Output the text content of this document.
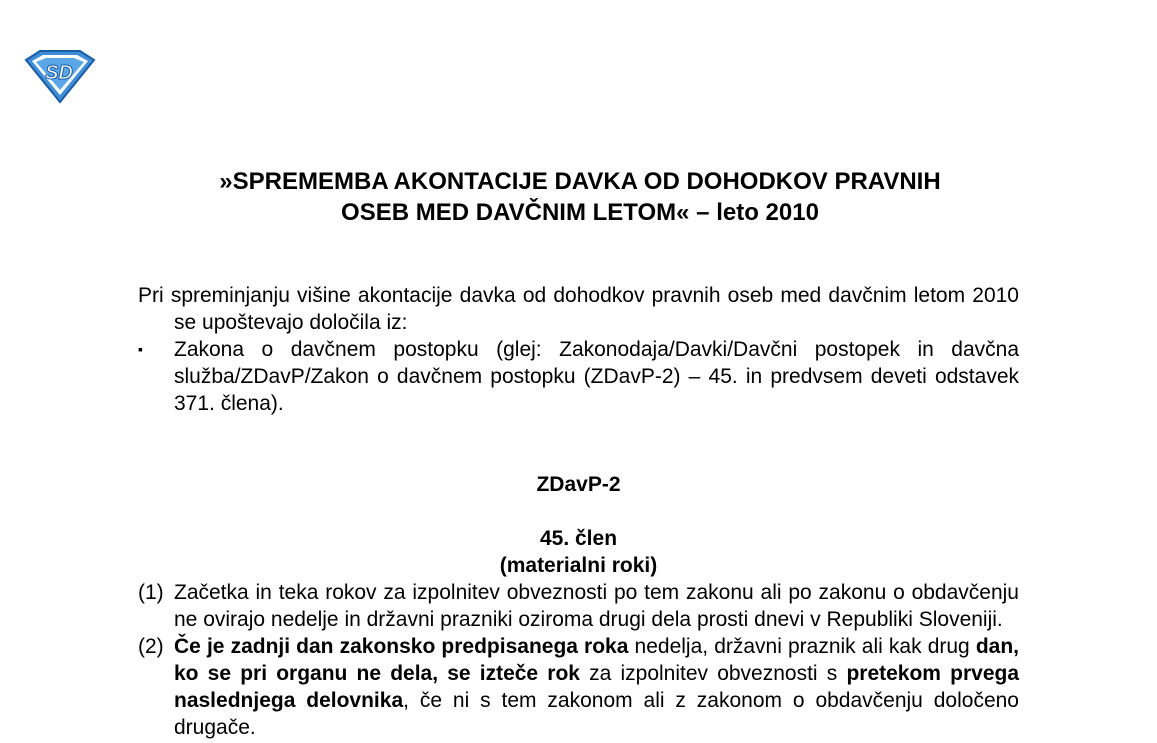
SD
»SPREMEMBA AKONTACIJE DAVKA OD DOHODKOV PRAVNIH
OSEB MED DAVČNIM LETOM« – leto 2010

Pri spreminjanju višine akontacije davka od dohodkov pravnih oseb med davčnim letom 2010 se upoštevajo določila iz:

▪	Zakona o davčnem postopku (glej: Zakonodaja/Davki/Davčni postopek in davčna služba/ZDavP/Zakon o davčnem postopku (ZDavP-2) – 45. in predvsem deveti odstavek 371. člena).

ZDavP-2

45. člen

(materialni roki)

(1) Začetka in teka rokov za izpolnitev obveznosti po tem zakonu ali po zakonu o obdavčenju ne ovirajo nedelje in državni prazniki oziroma drugi dela prosti dnevi v Republiki Sloveniji.
(2) Če je zadnji dan zakonsko predpisanega roka nedelja, državni praznik ali kak drug dan, ko se pri organu ne dela, se izteče rok za izpolnitev obveznosti s pretekom prvega naslednjega delovnika, če ni s tem zakonom ali z zakonom o obdavčenju določeno drugače.
